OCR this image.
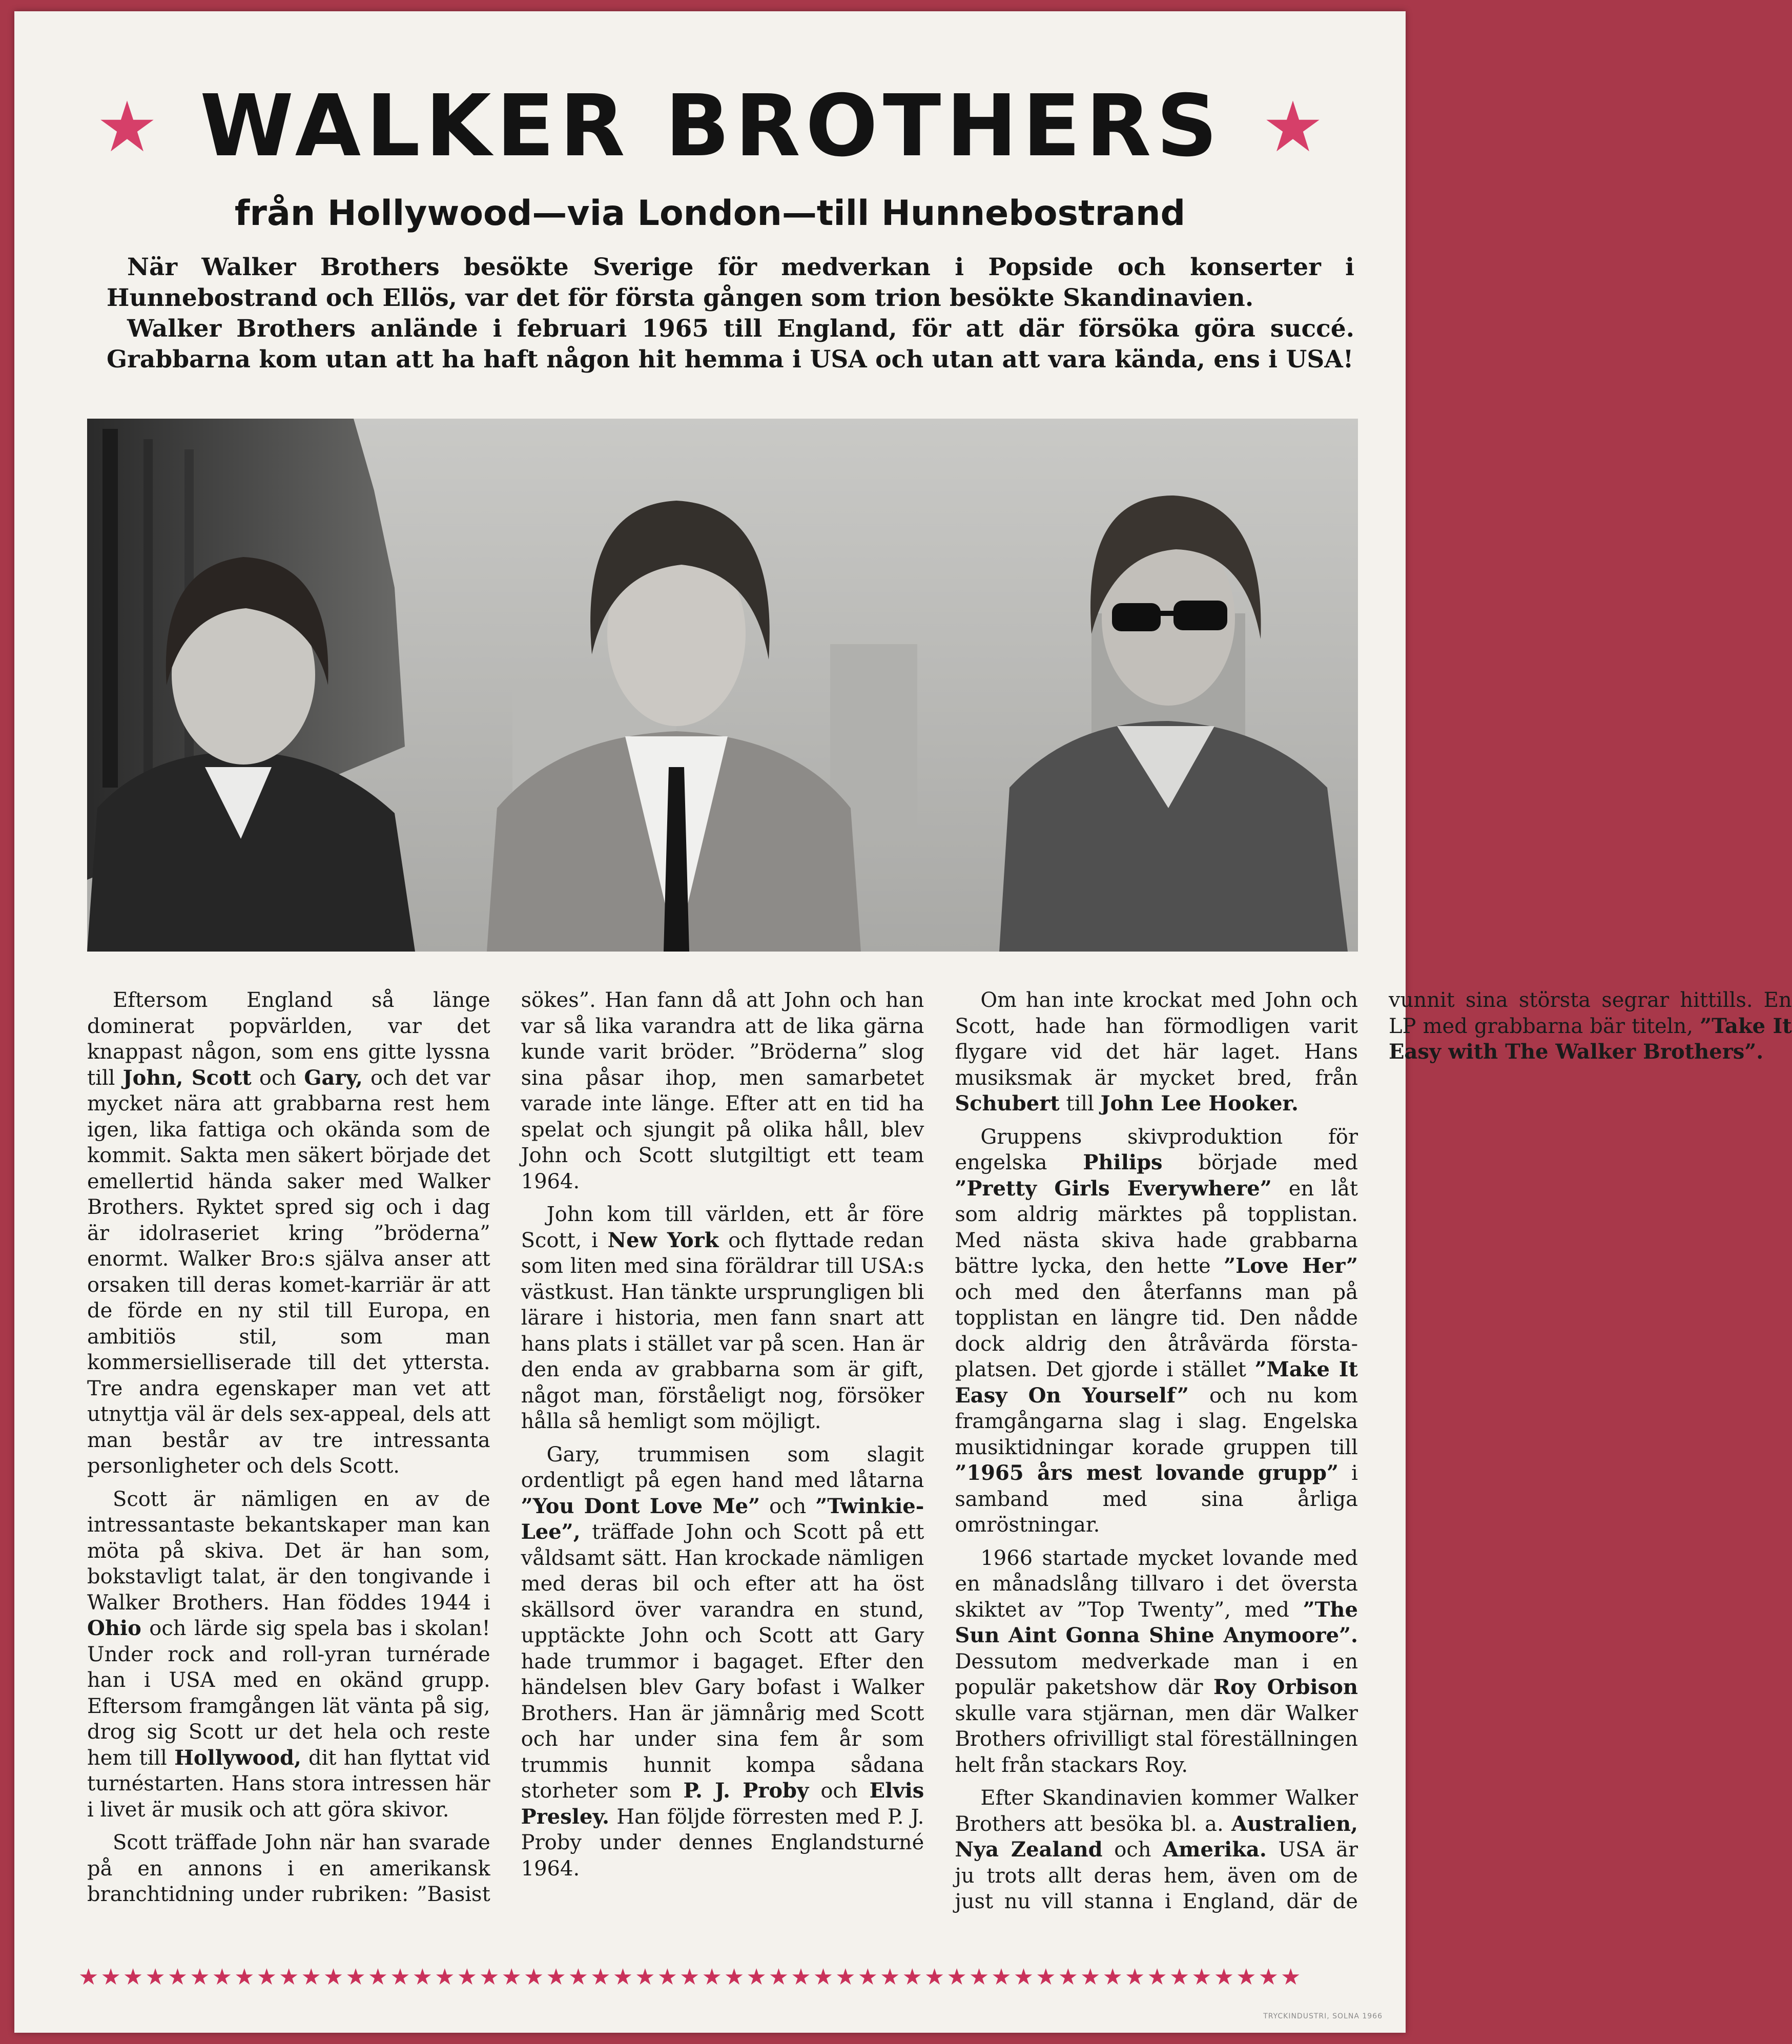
WALKER BROTHERS
från Hollywood—via London—till Hunnebostrand

När Walker Brothers besökte Sverige för medverkan i Popside och konserter i Hunnebostrand och Ellös, var det för första gången som trion besökte Skandinavien.

Walker Brothers anlände i februari 1965 till England, för att där försöka göra succé. Grabbarna kom utan att ha haft någon hit hemma i USA och utan att vara kända, ens i USA!

Eftersom England så länge dominerat popvärlden, var det knappast någon, som ens gitte lyssna till John, Scott och Gary, och det var mycket nära att grabbarna rest hem igen, lika fattiga och okända som de kommit. Sakta men säkert började det emellertid hända saker med Walker Brothers. Ryktet spred sig och i dag är idolraseriet kring ”bröderna” enormt. Walker Bro:s själva anser att orsaken till deras komet-karriär är att de förde en ny stil till Europa, en ambitiös stil, som man kommersielliserade till det yttersta. Tre andra egenskaper man vet att utnyttja väl är dels sex-appeal, dels att man består av tre intressanta personligheter och dels Scott.

Scott är nämligen en av de intressantaste bekantskaper man kan möta på skiva. Det är han som, bokstavligt talat, är den tongivande i Walker Brothers. Han föddes 1944 i Ohio och lärde sig spela bas i skolan! Under rock and roll-yran turnérade han i USA med en okänd grupp. Eftersom framgången lät vänta på sig, drog sig Scott ur det hela och reste hem till Hollywood, dit han flyttat vid turnéstarten. Hans stora intressen här i livet är musik och att göra skivor.

Scott träffade John när han svarade på en annons i en amerikansk branchtidning under rubriken: ”Basist sökes”. Han fann då att John och han var så lika varandra att de lika gärna kunde varit bröder. ”Bröderna” slog sina påsar ihop, men samarbetet varade inte länge. Efter att en tid ha spelat och sjungit på olika håll, blev John och Scott slutgiltigt ett team 1964.

John kom till världen, ett år före Scott, i New York och flyttade redan som liten med sina föräldrar till USA:s västkust. Han tänkte ursprungligen bli lärare i historia, men fann snart att hans plats i stället var på scen. Han är den enda av grabbarna som är gift, något man, förståeligt nog, försöker hålla så hemligt som möjligt.

Gary, trummisen som slagit ordentligt på egen hand med låtarna ”You Dont Love Me” och ”Twinkie-Lee”, träffade John och Scott på ett våldsamt sätt. Han krockade nämligen med deras bil och efter att ha öst skällsord över varandra en stund, upptäckte John och Scott att Gary hade trummor i bagaget. Efter den händelsen blev Gary bofast i Walker Brothers. Han är jämnårig med Scott och har under sina fem år som trummis hunnit kompa sådana storheter som P. J. Proby och Elvis Presley. Han följde förresten med P. J. Proby under dennes Englandsturné 1964.

Om han inte krockat med John och Scott, hade han förmodligen varit flygare vid det här laget. Hans musiksmak är mycket bred, från Schubert till John Lee Hooker.

Gruppens skivproduktion för engelska Philips började med ”Pretty Girls Everywhere” en låt som aldrig märktes på topplistan. Med nästa skiva hade grabbarna bättre lycka, den hette ”Love Her” och med den återfanns man på topplistan en längre tid. Den nådde dock aldrig den åtråvärda första-platsen. Det gjorde i stället ”Make It Easy On Yourself” och nu kom framgångarna slag i slag. Engelska musiktidningar korade gruppen till ”1965 års mest lovande grupp” i samband med sina årliga omröstningar.

1966 startade mycket lovande med en månadslång tillvaro i det översta skiktet av ”Top Twenty”, med ”The Sun Aint Gonna Shine Anymoore”. Dessutom medverkade man i en populär paketshow där Roy Orbison skulle vara stjärnan, men där Walker Brothers ofrivilligt stal föreställningen helt från stackars Roy.

Efter Skandinavien kommer Walker Brothers att besöka bl. a. Australien, Nya Zealand och Amerika. USA är ju trots allt deras hem, även om de just nu vill stanna i England, där de vunnit sina största segrar hittills. En LP med grabbarna bär titeln, ”Take It Easy with The Walker Brothers”.

★★★★★★★★★★★★★★★★★★★★★★★★★★★★★★★★★★★★★★★★★★★★★★★★★★★★★★★
TRYCKINDUSTRI, SOLNA 1966
